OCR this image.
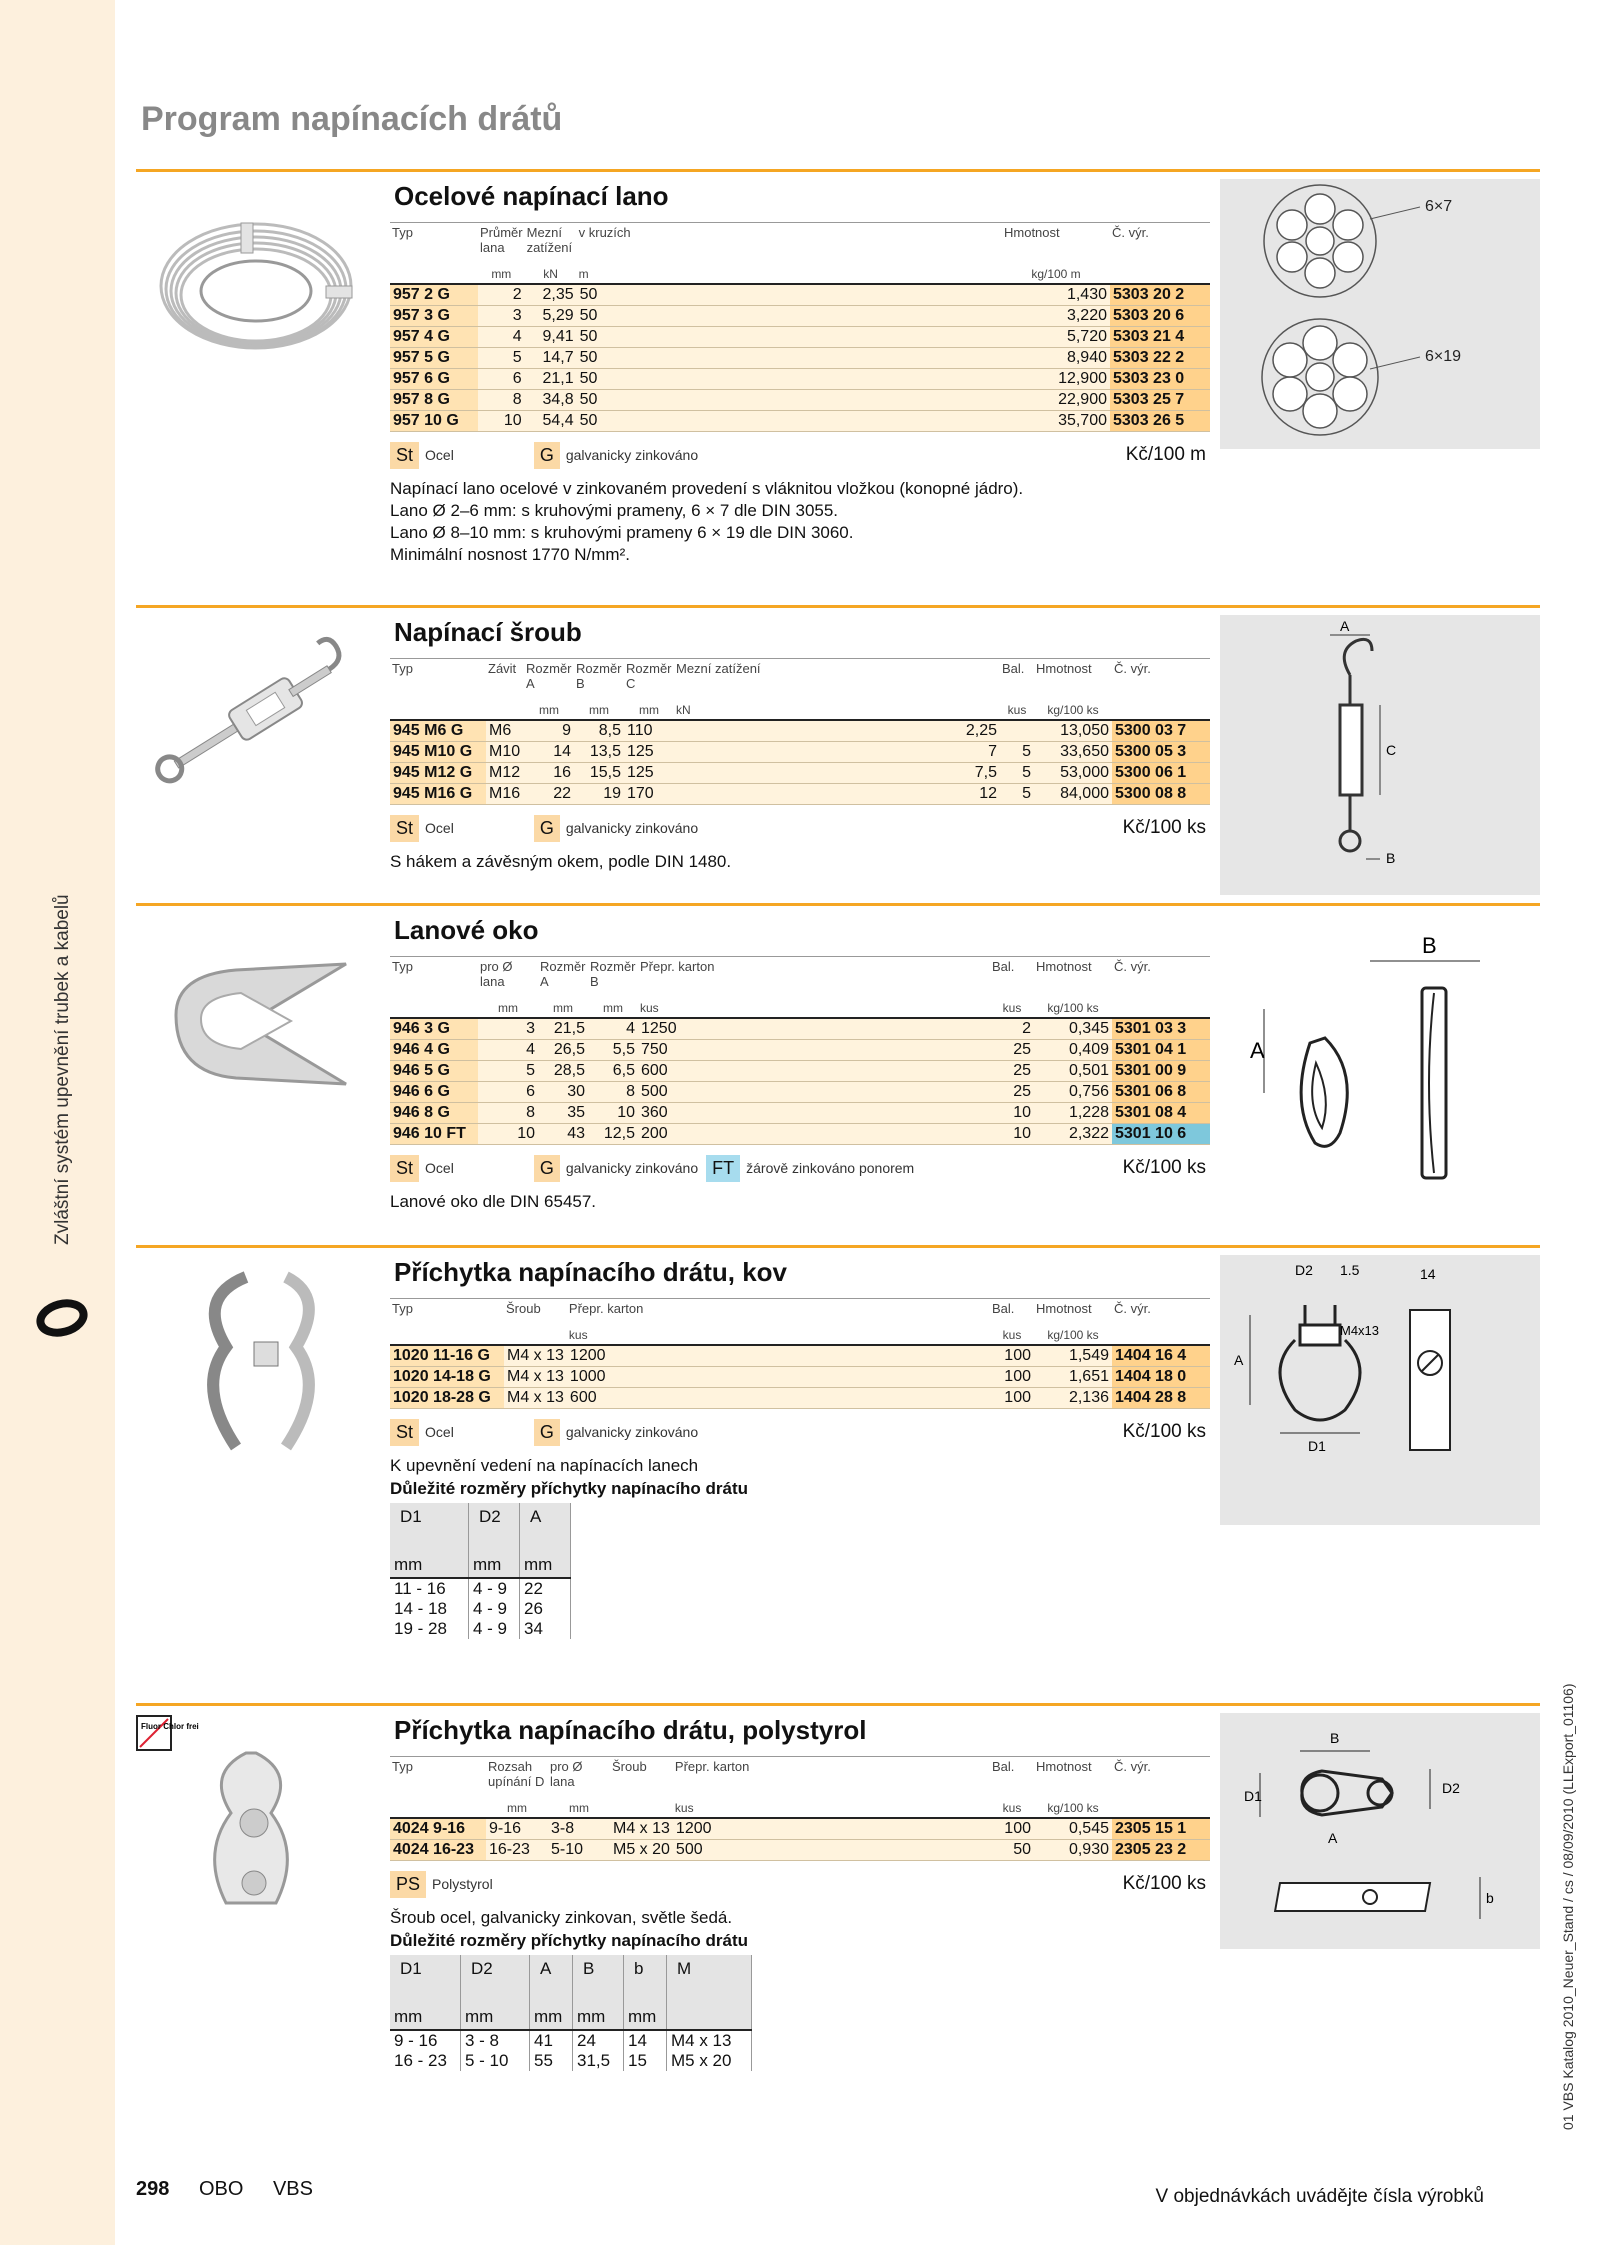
Zvláštní systém upevnění trubek a kabelů
01 VBS Katalog 2010_Neuer_Stand / cs / 08/09/2010 (LLExport_01106)
Program napínacích drátů
Ocelové napínací lano
Typ	Průměr lana	Mezní zatížení	v kruzích	Hmotnost	Č. výr.
	mm	kN	m	kg/100 m	
957 2 G	2	2,35	50	1,430	5303 20 2
957 3 G	3	5,29	50	3,220	5303 20 6
957 4 G	4	9,41	50	5,720	5303 21 4
957 5 G	5	14,7	50	8,940	5303 22 2
957 6 G	6	21,1	50	12,900	5303 23 0
957 8 G	8	34,8	50	22,900	5303 25 7
957 10 G	10	54,4	50	35,700	5303 26 5
St Ocel	G galvanicky zinkováno	Kč/100 m
Napínací lano ocelové v zinkovaném provedení s vláknitou vložkou (konopné jádro).
Lano Ø 2–6 mm: s kruhovými prameny, 6 × 7 dle DIN 3055.
Lano Ø 8–10 mm: s kruhovými prameny 6 × 19 dle DIN 3060.
Minimální nosnost 1770 N/mm².
6×7
6×19
Napínací šroub
Typ	Závit	Rozměr A	Rozměr B	Rozměr C	Mezní zatížení	Bal.	Hmotnost	Č. výr.
		mm	mm	mm	kN	kus	kg/100 ks	
945 M6 G	M6	9	8,5	110	2,25		13,050	5300 03 7
945 M10 G	M10	14	13,5	125	7	5	33,650	5300 05 3
945 M12 G	M12	16	15,5	125	7,5	5	53,000	5300 06 1
945 M16 G	M16	22	19	170	12	5	84,000	5300 08 8
St Ocel	G galvanicky zinkováno	Kč/100 ks
S hákem a závěsným okem, podle DIN 1480.
A
C
B
Lanové oko
Typ	pro Ø lana	Rozměr A	Rozměr B	Přepr. karton	Bal.	Hmotnost	Č. výr.
	mm	mm	mm	kus	kus	kg/100 ks	
946 3 G	3	21,5	4	1250	2	0,345	5301 03 3
946 4 G	4	26,5	5,5	750	25	0,409	5301 04 1
946 5 G	5	28,5	6,5	600	25	0,501	5301 00 9
946 6 G	6	30	8	500	25	0,756	5301 06 8
946 8 G	8	35	10	360	10	1,228	5301 08 4
946 10 FT	10	43	12,5	200	10	2,322	5301 10 6
St Ocel	G galvanicky zinkováno FT žárově zinkováno ponorem	Kč/100 ks
Lanové oko dle DIN 65457.
B
A
Příchytka napínacího drátu, kov
Typ	Šroub	Přepr. karton	Bal.	Hmotnost	Č. výr.
		kus	kus	kg/100 ks	
1020 11-16 G	M4 x 13	1200	100	1,549	1404 16 4
1020 14-18 G	M4 x 13	1000	100	1,651	1404 18 0
1020 18-28 G	M4 x 13	600	100	2,136	1404 28 8
St Ocel	G galvanicky zinkováno	Kč/100 ks
K upevnění vedení na napínacích lanech
Důležité rozměry příchytky napínacího drátu
D1	D2	A
mm	mm	mm
11 - 16	4 - 9	22
14 - 18	4 - 9	26
19 - 28	4 - 9	34
D2 1.5	14
M4x13
A
D1
Fluor Chlor frei	Příchytka napínacího drátu, polystyrol
Typ	Rozsah upínání D	pro Ø lana	Šroub	Přepr. karton	Bal.	Hmotnost	Č. výr.
	mm	mm		kus	kus	kg/100 ks	
4024 9-16	9-16	3-8	M4 x 13	1200	100	0,545	2305 15 1
4024 16-23	16-23	5-10	M5 x 20	500	50	0,930	2305 23 2
PS Polystyrol	Kč/100 ks
Šroub ocel, galvanicky zinkovan, světle šedá.
Důležité rozměry příchytky napínacího drátu
D1	D2	A	B	b	M
mm	mm	mm	mm	mm	
9 - 16	3 - 8	41	24	14	M4 x 13
16 - 23	5 - 10	55	31,5	15	M5 x 20
B
D2
D1
A
b
298 OBO VBS	V objednávkách uvádějte čísla výrobků
